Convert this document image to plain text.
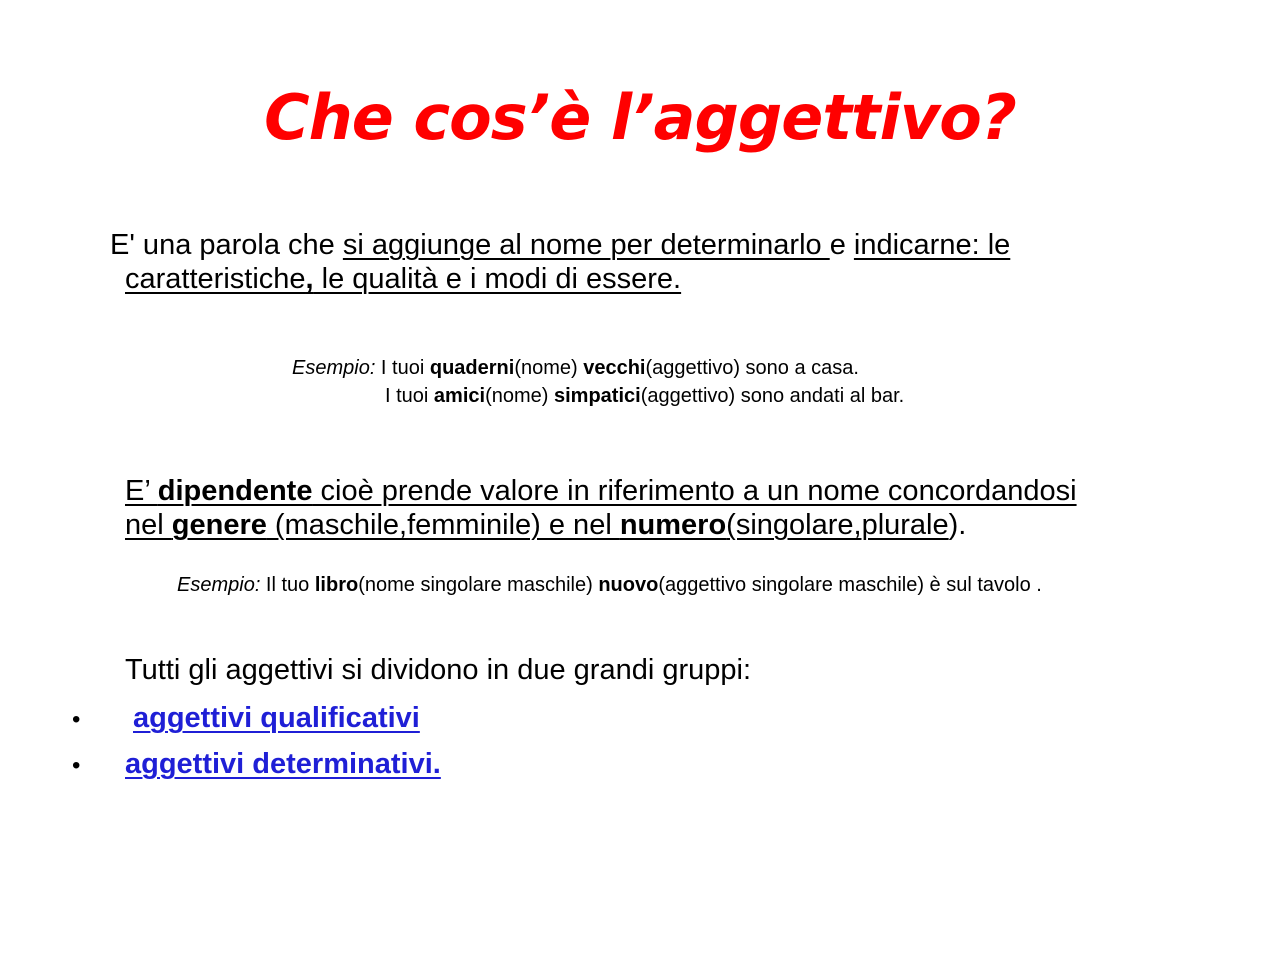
Che cos’è l’aggettivo?
E' una parola che si aggiunge al nome per determinarlo e indicarne: le
caratteristiche, le qualità e i modi di essere.
Esempio: I tuoi quaderni(nome) vecchi(aggettivo) sono a casa.
I tuoi amici(nome) simpatici(aggettivo) sono andati al bar.
E’ dipendente cioè prende valore in riferimento a un nome concordandosi
nel genere (maschile,femminile) e nel numero(singolare,plurale).
Esempio: Il tuo libro(nome singolare maschile) nuovo(aggettivo singolare maschile) è sul tavolo .
Tutti gli aggettivi si dividono in due grandi gruppi:
•	aggettivi qualificativi
•	aggettivi determinativi.
